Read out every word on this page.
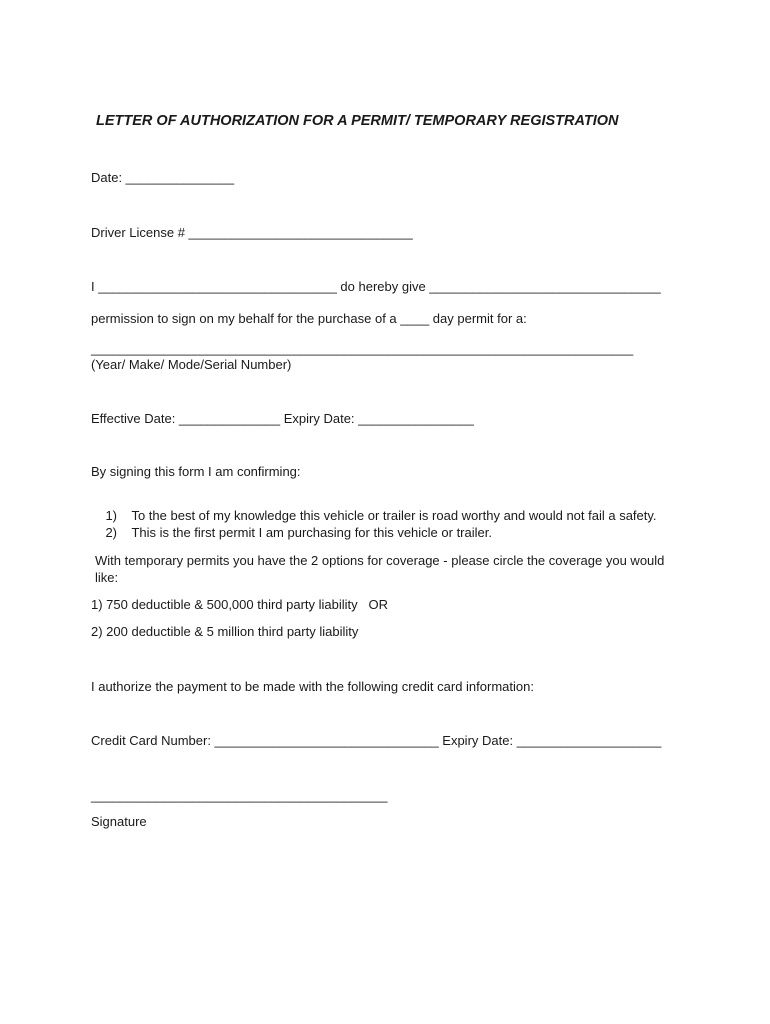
LETTER OF AUTHORIZATION FOR A PERMIT/ TEMPORARY REGISTRATION
Date: _______________
Driver License # _______________________________
I _________________________________ do hereby give ________________________________
permission to sign on my behalf for the purchase of a ____ day permit for a:
___________________________________________________________________________
(Year/ Make/ Mode/Serial Number)
Effective Date: ______________ Expiry Date: ________________
By signing this form I am confirming:

1) To the best of my knowledge this vehicle or trailer is road worthy and would not fail a safety.

2) This is the first permit I am purchasing for this vehicle or trailer.

With temporary permits you have the 2 options for coverage - please circle the coverage you would
like:
1) 750 deductible & 500,000 third party liability   OR
2) 200 deductible & 5 million third party liability
I authorize the payment to be made with the following credit card information:
Credit Card Number: _______________________________ Expiry Date: ____________________
_________________________________________
Signature
